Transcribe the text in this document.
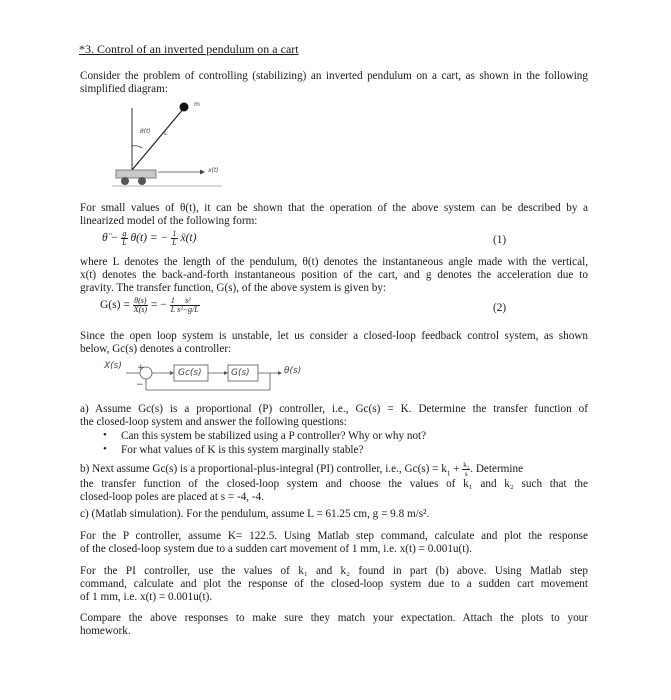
*3. Control of an inverted pendulum on a cart
Consider the problem of controlling (stabilizing) an inverted pendulum on a cart, as shown in the following
simplified diagram:
m
θ(t) L
x(t)
For small values of θ(t), it can be shown that the operation of the above system can be described by a
linearized model of the following form:
θ̈ − $\frac{g}{L} \theta(t)$ = − $\frac{1}{L}$ ẍ(t)	(1)
where L denotes the length of the pendulum, θ(t) denotes the instantaneous angle made with the vertical,
x(t) denotes the back-and-forth instantaneous position of the cart, and g denotes the acceleration due to
gravity. The transfer function, G(s), of the above system is given by:
$G(s) = \frac{\theta(s)}{X(s)}$ = − $\frac{1}{L} \frac{\text{s²}}{\text{s²−g/L}}$	(2)
Since the open loop system is unstable, let us consider a closed-loop feedback control system, as shown
below, Gc(s) denotes a controller:
X(s) +
−
Gc(s)	G(s)	θ(s)
a) Assume Gc(s) is a proportional (P) controller, i.e., Gc(s) = K. Determine the transfer function of
the closed-loop system and answer the following questions:
• Can this system be stabilized using a P controller? Why or why not?
• For what values of K is this system marginally stable?
b) Next assume Gc(s) is a proportional-plus-integral (PI) controller, i.e., $Gc(s) = k_1 + \frac{\text{k₂}}{s}$ . Determine
the transfer function of the closed-loop system and choose the values of k₁ and k₂ such that the
closed-loop poles are placed at s = -4, -4.
c) (Matlab simulation). For the pendulum, assume L = 61.25 cm, g = 9.8 m/s².
For the P controller, assume K= 122.5. Using Matlab step command, calculate and plot the response
of the closed-loop system due to a sudden cart movement of 1 mm, i.e. x(t) = 0.001u(t).
For the PI controller, use the values of k₁ and k₂ found in part (b) above. Using Matlab step
command, calculate and plot the response of the closed-loop system due to a sudden cart movement
of 1 mm, i.e. x(t) = 0.001u(t).
Compare the above responses to make sure they match your expectation. Attach the plots to your
homework.
